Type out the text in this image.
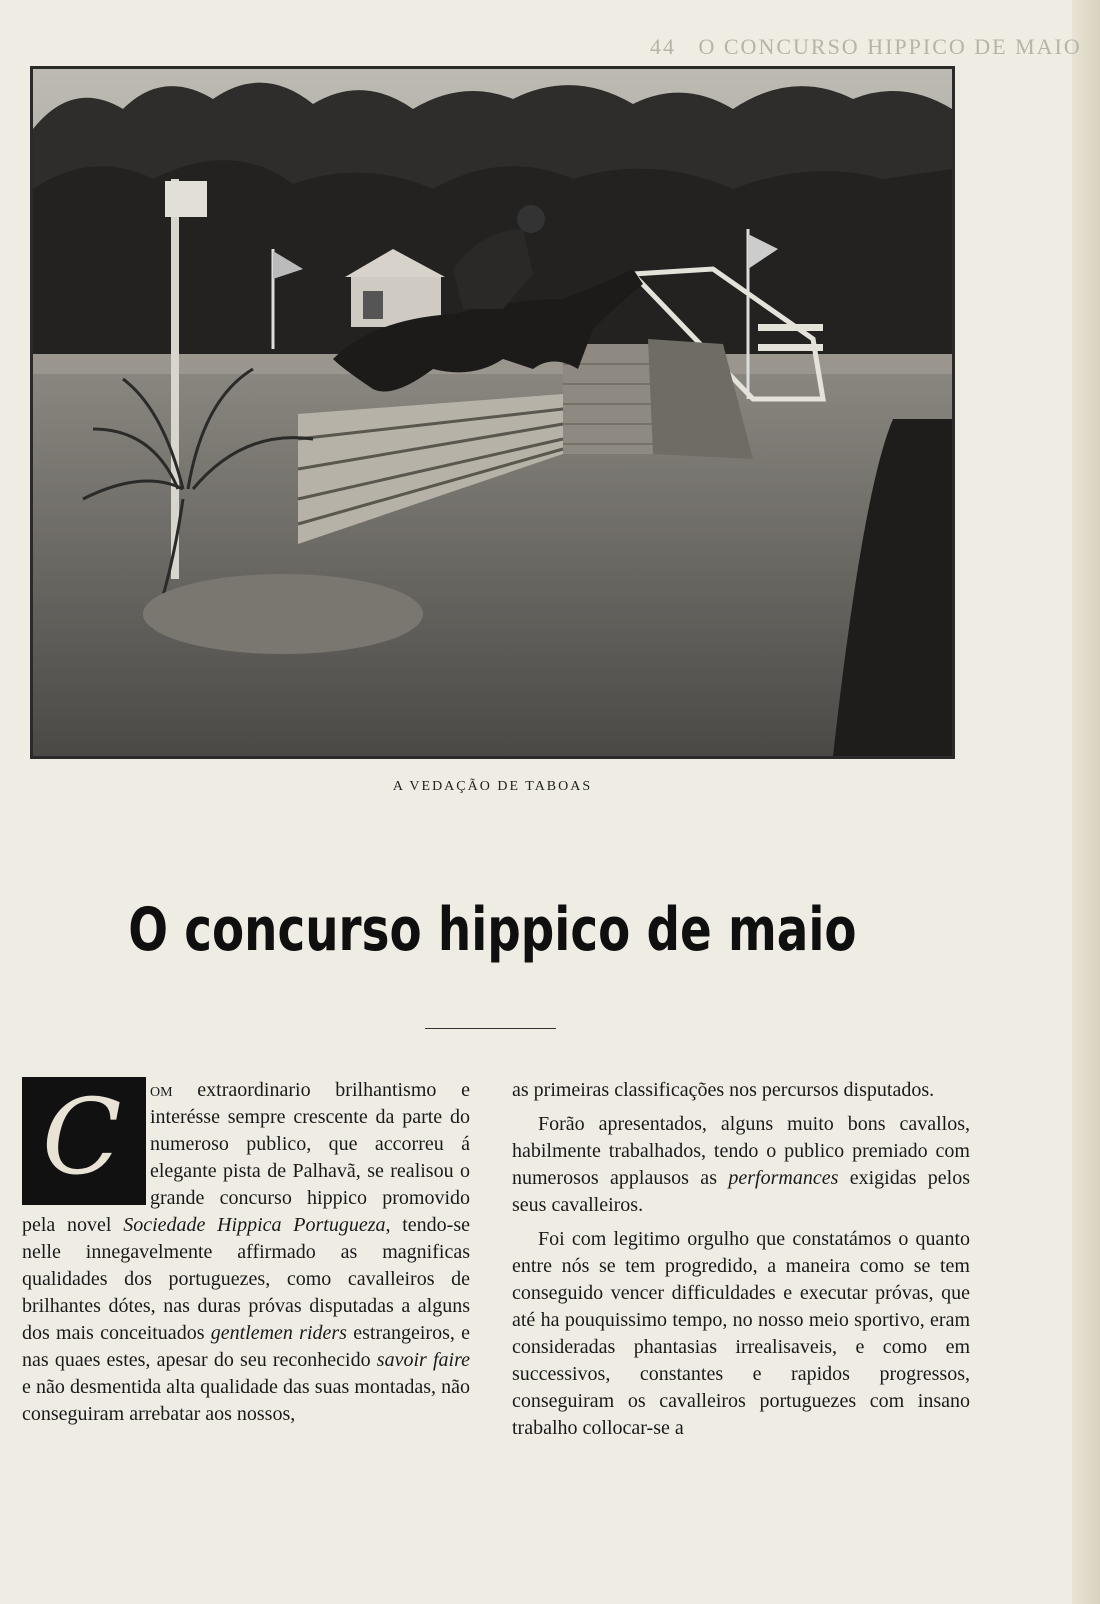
44   O CONCURSO HIPPICO DE MAIO
A VEDAÇÃO DE TABOAS
O concurso hippico de maio
C	om extraordinario brilhantismo e interésse sempre crescente da parte do numeroso publico, que accorreu á elegante pista de Palhavã, se realisou o grande concurso hippico promovido pela novel Sociedade Hippica Portugueza, tendo-se nelle innegavelmente affirmado as magnificas qualidades dos portuguezes, como cavalleiros de brilhantes dótes, nas duras próvas disputadas a alguns dos mais conceituados gentlemen riders estrangeiros, e nas quaes estes, apesar do seu reconhecido savoir faire e não desmentida alta qualidade das suas montadas, não conseguiram arrebatar aos nossos,

as primeiras classificações nos percursos disputados.

Forão apresentados, alguns muito bons cavallos, habilmente trabalhados, tendo o publico premiado com numerosos applausos as performances exigidas pelos seus cavalleiros.

Foi com legitimo orgulho que constatámos o quanto entre nós se tem progredido, a maneira como se tem conseguido vencer difficuldades e executar próvas, que até ha pouquissimo tempo, no nosso meio sportivo, eram consideradas phantasias irrealisaveis, e como em successivos, constantes e rapidos progressos, conseguiram os cavalleiros portuguezes com insano trabalho collocar-se a
